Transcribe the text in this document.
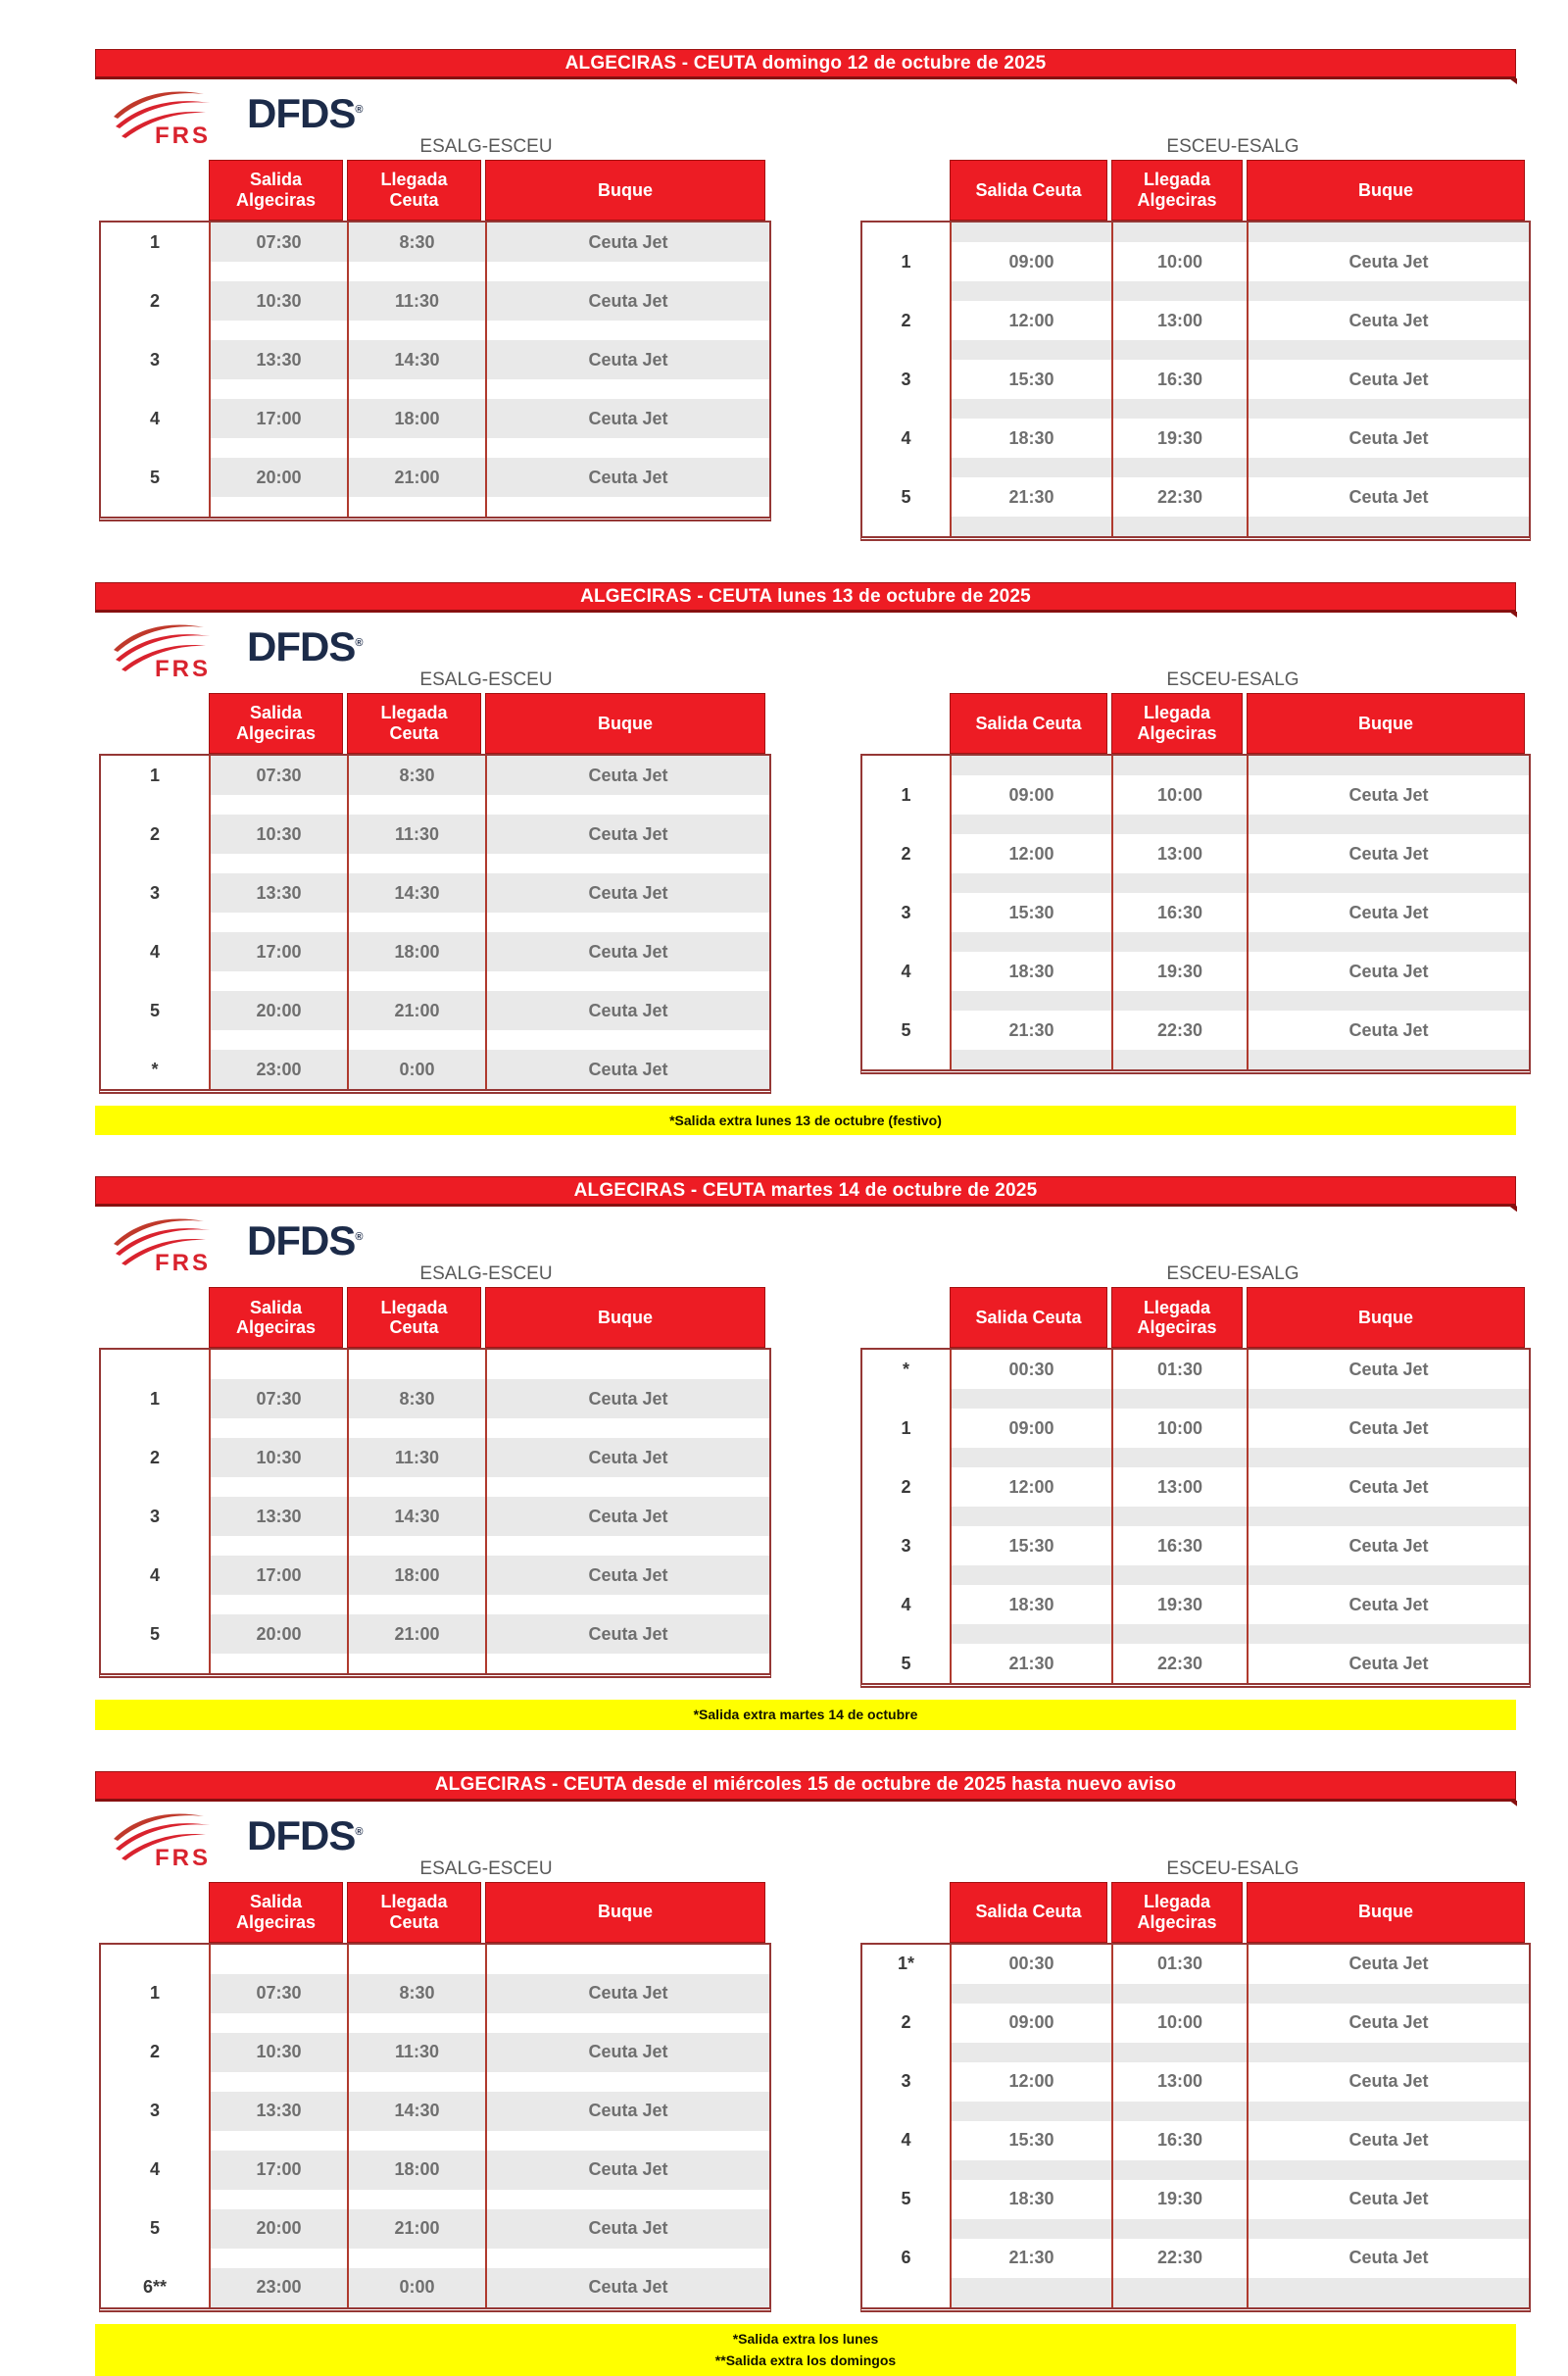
ALGECIRAS - CEUTA domingo 12 de octubre de 2025
FRS DFDS®
ESALG-ESCEU	ESCEU-ESALG
Salida Algeciras
Llegada Ceuta
Buque
1	07:30	8:30	Ceuta Jet
2	10:30	11:30	Ceuta Jet
3	13:30	14:30	Ceuta Jet
4	17:00	18:00	Ceuta Jet
5	20:00	21:00	Ceuta Jet
Salida Ceuta
Llegada Algeciras
Buque
1	09:00	10:00	Ceuta Jet
2	12:00	13:00	Ceuta Jet
3	15:30	16:30	Ceuta Jet
4	18:30	19:30	Ceuta Jet
5	21:30	22:30	Ceuta Jet
ALGECIRAS - CEUTA lunes 13 de octubre de 2025
FRS DFDS®
ESALG-ESCEU	ESCEU-ESALG
Salida Algeciras
Llegada Ceuta
Buque
1	07:30	8:30	Ceuta Jet
2	10:30	11:30	Ceuta Jet
3	13:30	14:30	Ceuta Jet
4	17:00	18:00	Ceuta Jet
5	20:00	21:00	Ceuta Jet
*	23:00	0:00	Ceuta Jet
Salida Ceuta
Llegada Algeciras
Buque
1	09:00	10:00	Ceuta Jet
2	12:00	13:00	Ceuta Jet
3	15:30	16:30	Ceuta Jet
4	18:30	19:30	Ceuta Jet
5	21:30	22:30	Ceuta Jet
*Salida extra lunes 13 de octubre (festivo)
ALGECIRAS - CEUTA martes 14 de octubre de 2025
FRS DFDS®
ESALG-ESCEU	ESCEU-ESALG
Salida Algeciras
Llegada Ceuta
Buque
1	07:30	8:30	Ceuta Jet
2	10:30	11:30	Ceuta Jet
3	13:30	14:30	Ceuta Jet
4	17:00	18:00	Ceuta Jet
5	20:00	21:00	Ceuta Jet
Salida Ceuta
Llegada Algeciras
Buque
*	00:30	01:30	Ceuta Jet
1	09:00	10:00	Ceuta Jet
2	12:00	13:00	Ceuta Jet
3	15:30	16:30	Ceuta Jet
4	18:30	19:30	Ceuta Jet
5	21:30	22:30	Ceuta Jet
*Salida extra martes 14 de octubre
ALGECIRAS - CEUTA desde el miércoles 15 de octubre de 2025 hasta nuevo aviso
FRS DFDS®
ESALG-ESCEU	ESCEU-ESALG
Salida Algeciras
Llegada Ceuta
Buque
1	07:30	8:30	Ceuta Jet
2	10:30	11:30	Ceuta Jet
3	13:30	14:30	Ceuta Jet
4	17:00	18:00	Ceuta Jet
5	20:00	21:00	Ceuta Jet
6**	23:00	0:00	Ceuta Jet
Salida Ceuta
Llegada Algeciras
Buque
1*	00:30	01:30	Ceuta Jet
2	09:00	10:00	Ceuta Jet
3	12:00	13:00	Ceuta Jet
4	15:30	16:30	Ceuta Jet
5	18:30	19:30	Ceuta Jet
6	21:30	22:30	Ceuta Jet
*Salida extra los lunes
**Salida extra los domingos
